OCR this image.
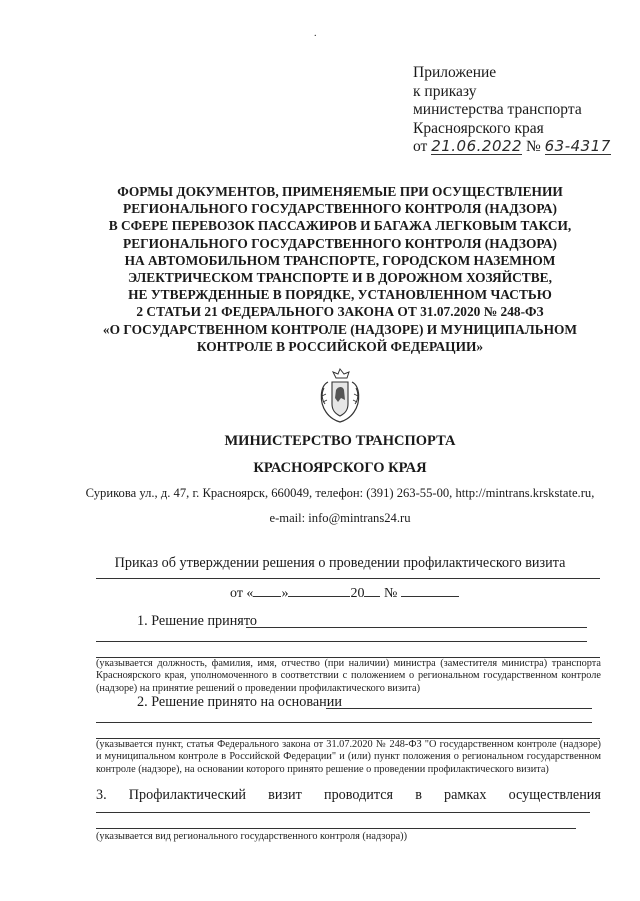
.
Приложение
к приказу
министерства транспорта
Красноярского края
от 21.06.2022 № 63-4317
ФОРМЫ ДОКУМЕНТОВ, ПРИМЕНЯЕМЫЕ ПРИ ОСУЩЕСТВЛЕНИИ
РЕГИОНАЛЬНОГО ГОСУДАРСТВЕННОГО КОНТРОЛЯ (НАДЗОРА)
В СФЕРЕ ПЕРЕВОЗОК ПАССАЖИРОВ И БАГАЖА ЛЕГКОВЫМ ТАКСИ,
РЕГИОНАЛЬНОГО ГОСУДАРСТВЕННОГО КОНТРОЛЯ (НАДЗОРА)
НА АВТОМОБИЛЬНОМ ТРАНСПОРТЕ, ГОРОДСКОМ НАЗЕМНОМ
ЭЛЕКТРИЧЕСКОМ ТРАНСПОРТЕ И В ДОРОЖНОМ ХОЗЯЙСТВЕ,
НЕ УТВЕРЖДЕННЫЕ В ПОРЯДКЕ, УСТАНОВЛЕННОМ ЧАСТЬЮ
2 СТАТЬИ 21 ФЕДЕРАЛЬНОГО ЗАКОНА ОТ 31.07.2020 № 248-ФЗ
«О ГОСУДАРСТВЕННОМ КОНТРОЛЕ (НАДЗОРЕ) И МУНИЦИПАЛЬНОМ
КОНТРОЛЕ В РОССИЙСКОЙ ФЕДЕРАЦИИ»
МИНИСТЕРСТВО ТРАНСПОРТА
КРАСНОЯРСКОГО КРАЯ
Сурикова ул., д. 47, г. Красноярск, 660049, телефон: (391) 263-55-00, http://mintrans.krskstate.ru,
e-mail: info@mintrans24.ru
Приказ об утверждении решения о проведении профилактического визита
от « »	20 №
1. Решение принято
(указывается должность, фамилия, имя, отчество (при наличии) министра (заместителя министра) транспорта Красноярского края, уполномоченного в соответствии с положением о региональном государственном контроле (надзоре) на принятие решений о проведении профилактического визита)
2. Решение принято на основании
(указывается пункт, статья Федерального закона от 31.07.2020 № 248-ФЗ "О государственном контроле (надзоре) и муниципальном контроле в Российской Федерации" и (или) пункт положения о региональном государственном контроле (надзоре), на основании которого принято решение о проведении профилактического визита)
3. Профилактический визит проводится в рамках осуществления
(указывается вид регионального государственного контроля (надзора))
